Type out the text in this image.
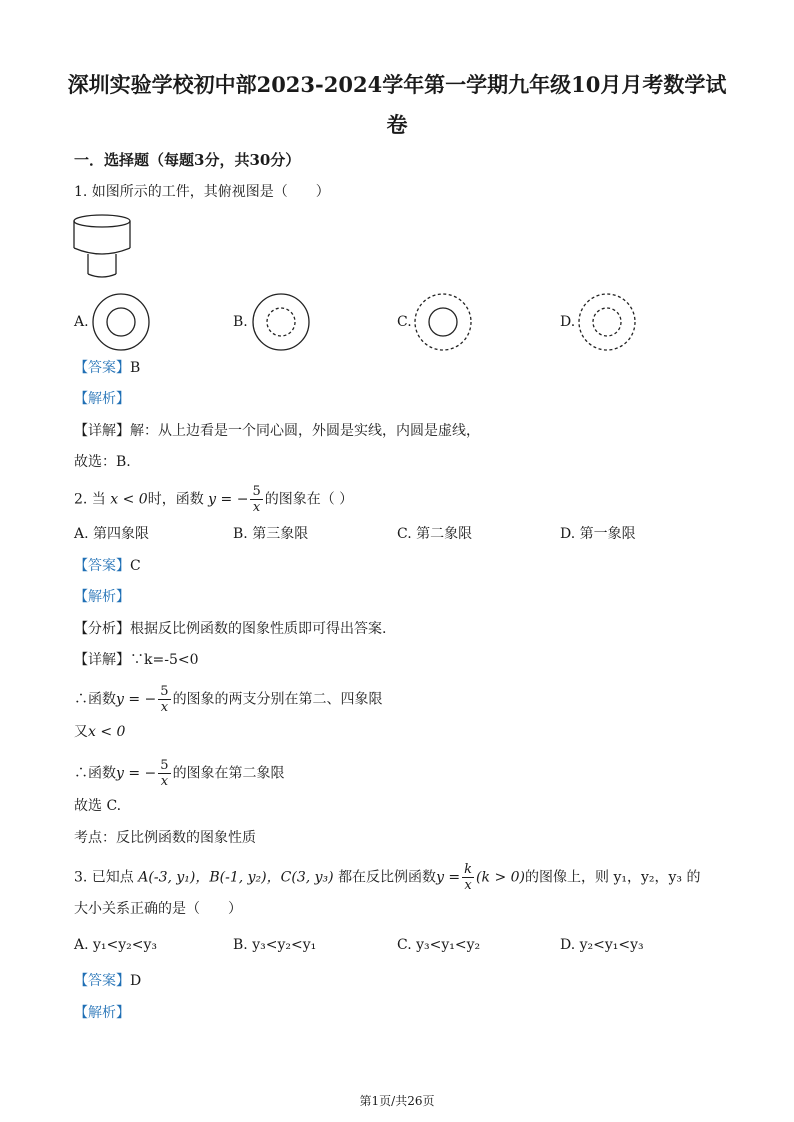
深圳实验学校初中部2023-2024学年第一学期九年级10月月考数学试
卷
一．选择题（每题3分，共30分）
1. 如图所示的工件，其俯视图是（　　）
A.	B.	C.	D.
【答案】B
【解析】
【详解】解：从上边看是一个同心圆，外圆是实线，内圆是虚线，
故选：B.
2. 当 x < 0时，函数 y = − $\frac{5}{x}$ 的图象在（ ）
A. 第四象限	B. 第三象限	C. 第二象限	D. 第一象限
【答案】C
【解析】
【分析】根据反比例函数的图象性质即可得出答案.
【详解】∵k=-5<0
∴函数y = − $\frac{5}{x}$ 的图象的两支分别在第二、四象限
又x < 0
∴函数y = − $\frac{5}{x}$ 的图象在第二象限
故选 C.
考点：反比例函数的图象性质
3. 已知点 A(-3, y₁)，B(-1, y₂)，C(3, y₃) 都在反比例函数$y = \frac{k}{x} (k > 0)$的图像上，则 y₁，y₂，y₃ 的
大小关系正确的是（　　）
A. y₁<y₂<y₃	B. y₃<y₂<y₁	C. y₃<y₁<y₂	D. y₂<y₁<y₃
【答案】D
【解析】
第1页/共26页
